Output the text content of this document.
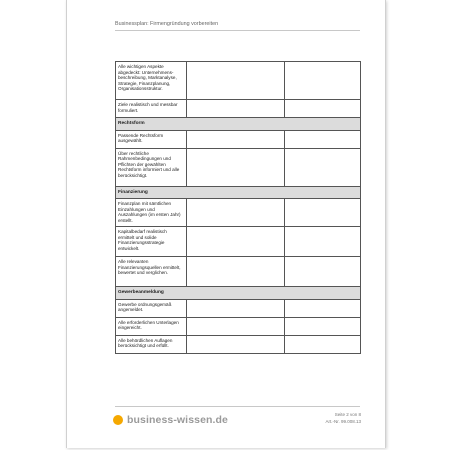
Businessplan: Firmengründung vorbereiten
Alle wichtigen Aspekte abgedeckt: Unternehmens-beschreibung, Marktanalyse, Strategie, Finanzplanung, Organisationsstruktur.		
Ziele realistisch und messbar formuliert.		
Rechtsform		
Passende Rechtsform ausgewählt.		
Über rechtliche Rahmenbedingungen und Pflichten der gewählten Rechtsform informiert und alle berücksichtigt.		
Finanzierung		
Finanzplan mit sämtlichen Einzahlungen und Auszahlungen (im ersten Jahr) erstellt.		
Kapitalbedarf realistisch ermittelt und solide Finanzierungsstrategie entwickelt.		
Alle relevanten Finanzierungsquellen ermittelt, bewertet und verglichen.		
Gewerbeanmeldung		
Gewerbe ordnungsgemäß angemeldet.		
Alle erforderlichen Unterlagen eingereicht.		
Alle behördlichen Auflagen berücksichtigt und erfüllt.		
business-wissen.de	Seite 2 von 8
Art.-Nr. 99.008.13
